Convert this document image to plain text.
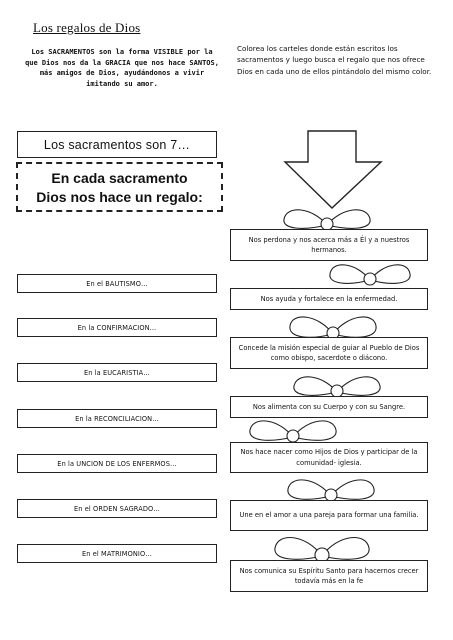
Los regalos de Dios
Los SACRAMENTOS son la forma VISIBLE por la que Dios nos da la GRACIA que nos hace SANTOS, más amigos de Dios, ayudándonos a vivir imitando su amor.
Colorea los carteles donde están escritos los sacramentos y luego busca el regalo que nos ofrece Dios en cada uno de ellos pintándolo del mismo color.
Los sacramentos son 7…
En cada sacramento
Dios nos hace un regalo:
En el BAUTISMO…
En la CONFIRMACION…
En la EUCARISTIA…
En la RECONCILIACION…
En la UNCION DE LOS ENFERMOS…
En el ORDEN SAGRADO…
En el MATRIMONIO…
Nos perdona y nos acerca más a Él y a nuestros hermanos.
Nos ayuda y fortalece en la enfermedad.
Concede la misión especial de guiar al Pueblo de Dios como obispo, sacerdote o diácono.
Nos alimenta con su Cuerpo y con su Sangre.
Nos hace nacer como Hijos de Dios y participar de la comunidad- iglesia.
Une en el amor a una pareja para formar una familia.
Nos comunica su Espíritu Santo para hacernos crecer todavía más en la fe
